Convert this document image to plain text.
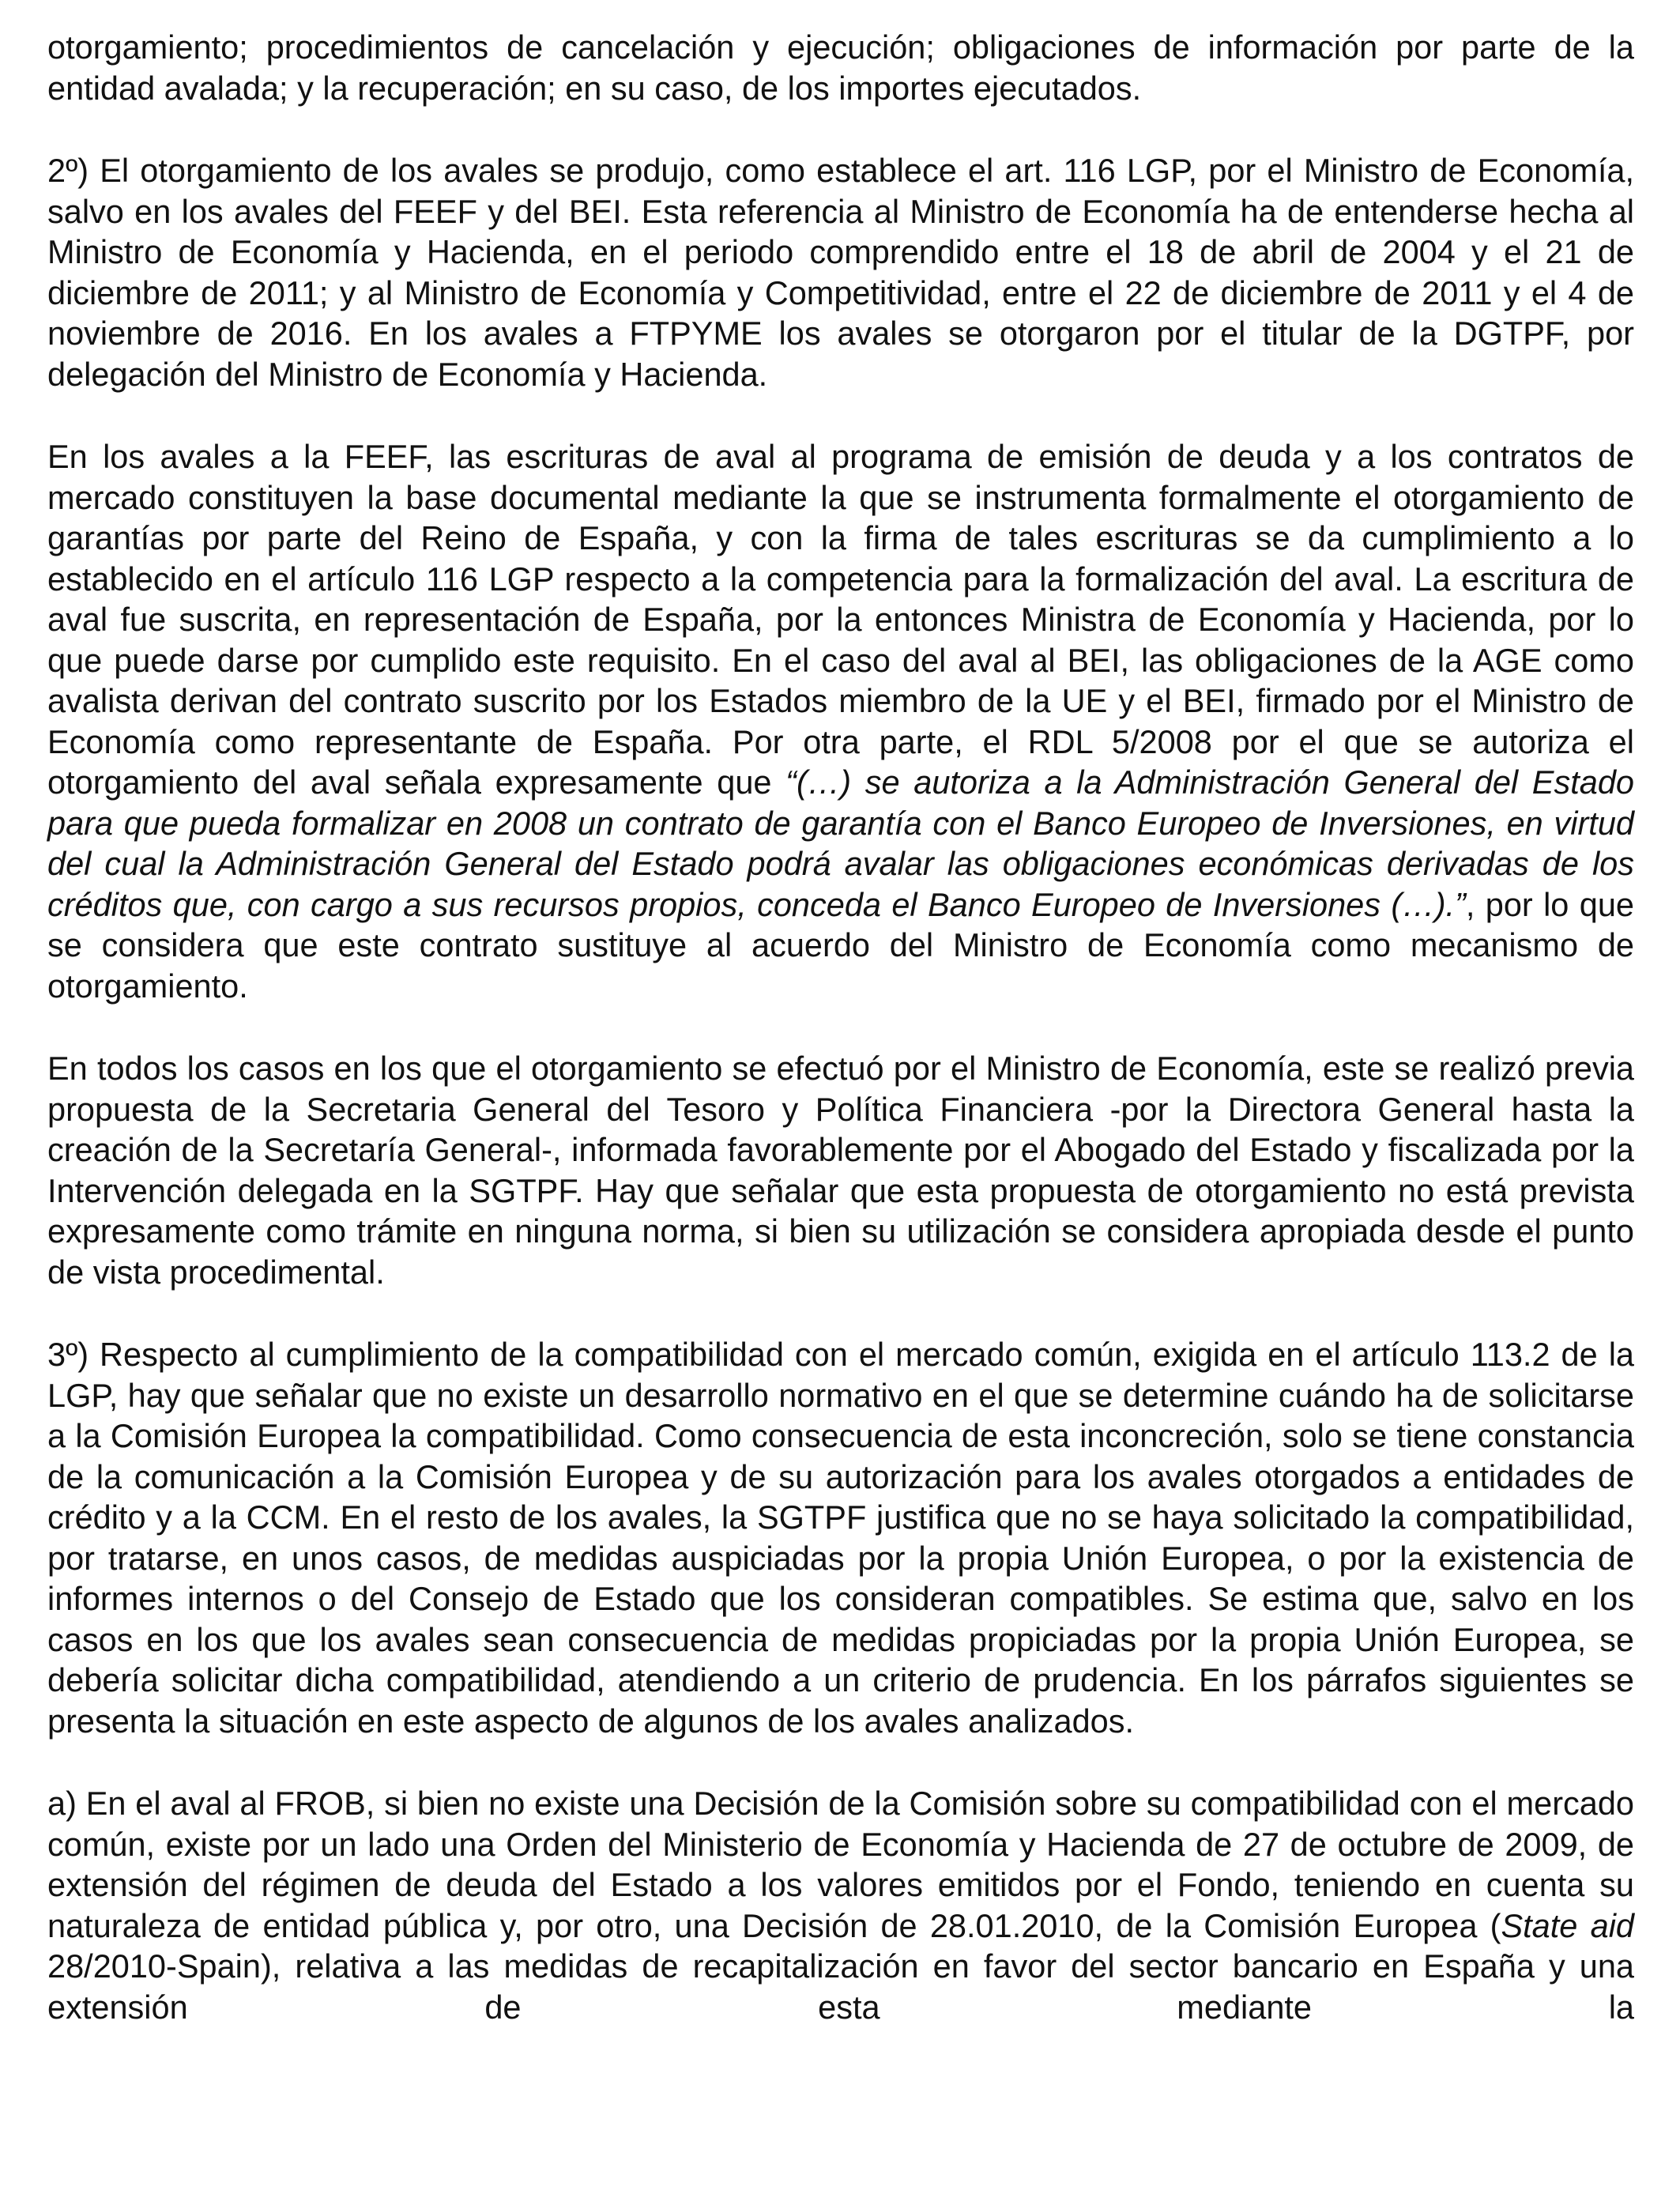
otorgamiento; procedimientos de cancelación y ejecución; obligaciones de información por parte de la entidad avalada; y la recuperación; en su caso, de los importes ejecutados.

2º) El otorgamiento de los avales se produjo, como establece el art. 116 LGP, por el Ministro de Economía, salvo en los avales del FEEF y del BEI. Esta referencia al Ministro de Economía ha de entenderse hecha al Ministro de Economía y Hacienda, en el periodo comprendido entre el 18 de abril de 2004 y el 21 de diciembre de 2011; y al Ministro de Economía y Competitividad, entre el 22 de diciembre de 2011 y el 4 de noviembre de 2016. En los avales a FTPYME los avales se otorgaron por el titular de la DGTPF, por delegación del Ministro de Economía y Hacienda.

En los avales a la FEEF, las escrituras de aval al programa de emisión de deuda y a los contratos de mercado constituyen la base documental mediante la que se instrumenta formalmente el otorgamiento de garantías por parte del Reino de España, y con la firma de tales escrituras se da cumplimiento a lo establecido en el artículo 116 LGP respecto a la competencia para la formalización del aval. La escritura de aval fue suscrita, en representación de España, por la entonces Ministra de Economía y Hacienda, por lo que puede darse por cumplido este requisito. En el caso del aval al BEI, las obligaciones de la AGE como avalista derivan del contrato suscrito por los Estados miembro de la UE y el BEI, firmado por el Ministro de Economía como representante de España. Por otra parte, el RDL 5/2008 por el que se autoriza el otorgamiento del aval señala expresamente que “(…) se autoriza a la Administración General del Estado para que pueda formalizar en 2008 un contrato de garantía con el Banco Europeo de Inversiones, en virtud del cual la Administración General del Estado podrá avalar las obligaciones económicas derivadas de los créditos que, con cargo a sus recursos propios, conceda el Banco Europeo de Inversiones (…).”, por lo que se considera que este contrato sustituye al acuerdo del Ministro de Economía como mecanismo de otorgamiento.

En todos los casos en los que el otorgamiento se efectuó por el Ministro de Economía, este se realizó previa propuesta de la Secretaria General del Tesoro y Política Financiera -por la Directora General hasta la creación de la Secretaría General-, informada favorablemente por el Abogado del Estado y fiscalizada por la Intervención delegada en la SGTPF. Hay que señalar que esta propuesta de otorgamiento no está prevista expresamente como trámite en ninguna norma, si bien su utilización se considera apropiada desde el punto de vista procedimental.

3º) Respecto al cumplimiento de la compatibilidad con el mercado común, exigida en el artículo 113.2 de la LGP, hay que señalar que no existe un desarrollo normativo en el que se determine cuándo ha de solicitarse a la Comisión Europea la compatibilidad. Como consecuencia de esta inconcreción, solo se tiene constancia de la comunicación a la Comisión Europea y de su autorización para los avales otorgados a entidades de crédito y a la CCM. En el resto de los avales, la SGTPF justifica que no se haya solicitado la compatibilidad, por tratarse, en unos casos, de medidas auspiciadas por la propia Unión Europea, o por la existencia de informes internos o del Consejo de Estado que los consideran compatibles. Se estima que, salvo en los casos en los que los avales sean consecuencia de medidas propiciadas por la propia Unión Europea, se debería solicitar dicha compatibilidad, atendiendo a un criterio de prudencia. En los párrafos siguientes se presenta la situación en este aspecto de algunos de los avales analizados.

a) En el aval al FROB, si bien no existe una Decisión de la Comisión sobre su compatibilidad con el mercado común, existe por un lado una Orden del Ministerio de Economía y Hacienda de 27 de octubre de 2009, de extensión del régimen de deuda del Estado a los valores emitidos por el Fondo, teniendo en cuenta su naturaleza de entidad pública y, por otro, una Decisión de 28.01.2010, de la Comisión Europea (State aid 28/2010-Spain), relativa a las medidas de recapitalización en favor del sector bancario en España y una extensión de esta mediante la
